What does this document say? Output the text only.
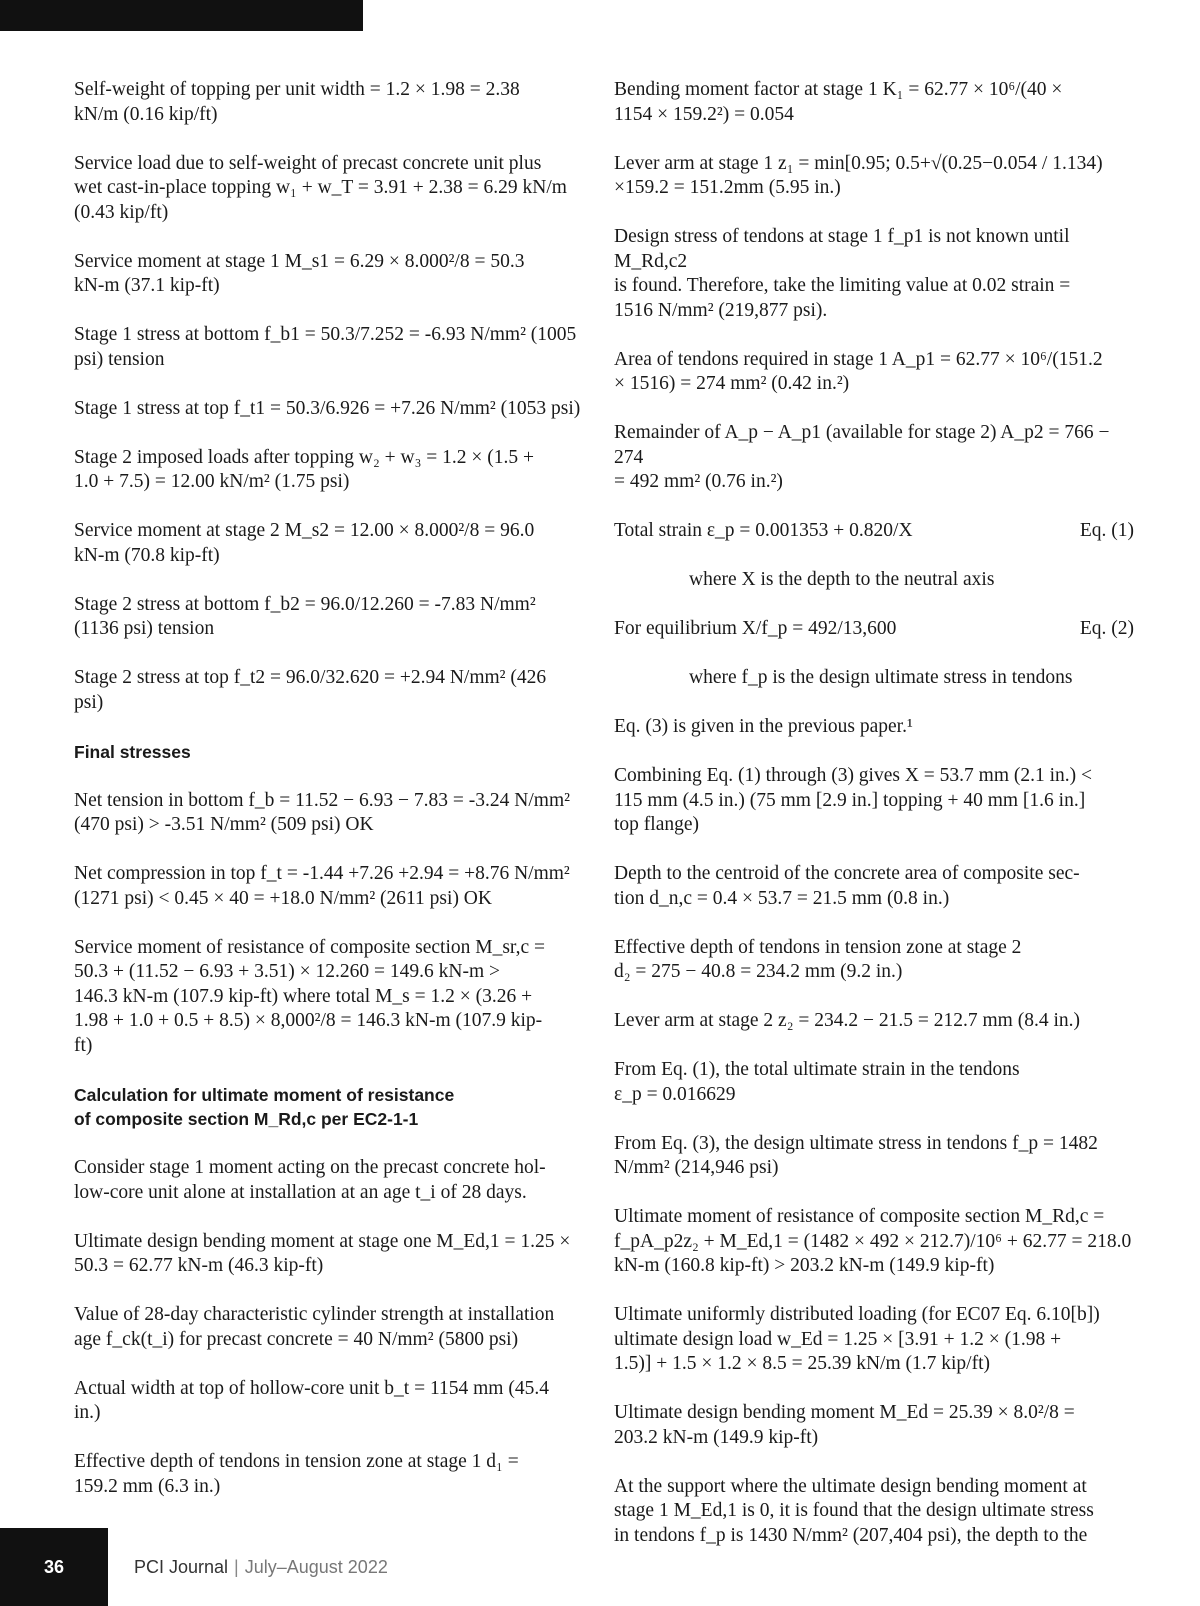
Self-weight of topping per unit width = 1.2 × 1.98 = 2.38
kN/m (0.16 kip/ft)

Service load due to self-weight of precast concrete unit plus
wet cast-in-place topping w₁ + w_T = 3.91 + 2.38 = 6.29 kN/m
(0.43 kip/ft)

Service moment at stage 1 M_s1 = 6.29 × 8.000²/8 = 50.3
kN-m (37.1 kip-ft)

Stage 1 stress at bottom f_b1 = 50.3/7.252 = -6.93 N/mm² (1005
psi) tension

Stage 1 stress at top f_t1 = 50.3/6.926 = +7.26 N/mm² (1053 psi)

Stage 2 imposed loads after topping w₂ + w₃ = 1.2 × (1.5 +
1.0 + 7.5) = 12.00 kN/m² (1.75 psi)

Service moment at stage 2 M_s2 = 12.00 × 8.000²/8 = 96.0
kN-m (70.8 kip-ft)

Stage 2 stress at bottom f_b2 = 96.0/12.260 = -7.83 N/mm²
(1136 psi) tension

Stage 2 stress at top f_t2 = 96.0/32.620 = +2.94 N/mm² (426
psi)

Final stresses

Net tension in bottom f_b = 11.52 − 6.93 − 7.83 = -3.24 N/mm²
(470 psi) > -3.51 N/mm² (509 psi) OK

Net compression in top f_t = -1.44 +7.26 +2.94 = +8.76 N/mm²
(1271 psi) < 0.45 × 40 = +18.0 N/mm² (2611 psi) OK

Service moment of resistance of composite section M_sr,c =
50.3 + (11.52 − 6.93 + 3.51) × 12.260 = 149.6 kN-m >
146.3 kN-m (107.9 kip-ft) where total M_s = 1.2 × (3.26 +
1.98 + 1.0 + 0.5 + 8.5) × 8,000²/8 = 146.3 kN-m (107.9 kip-
ft)

Calculation for ultimate moment of resistance
of composite section M_Rd,c per EC2-1-1

Consider stage 1 moment acting on the precast concrete hol-
low-core unit alone at installation at an age t_i of 28 days.

Ultimate design bending moment at stage one M_Ed,1 = 1.25 ×
50.3 = 62.77 kN-m (46.3 kip-ft)

Value of 28-day characteristic cylinder strength at installation
age f_ck(t_i) for precast concrete = 40 N/mm² (5800 psi)

Actual width at top of hollow-core unit b_t = 1154 mm (45.4
in.)

Effective depth of tendons in tension zone at stage 1 d₁ =
159.2 mm (6.3 in.)

Bending moment factor at stage 1 K₁ = 62.77 × 10⁶/(40 ×
1154 × 159.2²) = 0.054

Lever arm at stage 1 z₁ = min[0.95; 0.5+√(0.25−0.054 / 1.134)
×159.2 = 151.2mm (5.95 in.)

Design stress of tendons at stage 1 f_p1 is not known until M_Rd,c2
is found. Therefore, take the limiting value at 0.02 strain =
1516 N/mm² (219,877 psi).

Area of tendons required in stage 1 A_p1 = 62.77 × 10⁶/(151.2
× 1516) = 274 mm² (0.42 in.²)

Remainder of A_p − A_p1 (available for stage 2) A_p2 = 766 − 274
= 492 mm² (0.76 in.²)

Total strain ε_p = 0.001353 + 0.820/X	Eq. (1)

where X is the depth to the neutral axis

For equilibrium X/f_p = 492/13,600	Eq. (2)

where f_p is the design ultimate stress in tendons

Eq. (3) is given in the previous paper.¹

Combining Eq. (1) through (3) gives X = 53.7 mm (2.1 in.) <
115 mm (4.5 in.) (75 mm [2.9 in.] topping + 40 mm [1.6 in.]
top flange)

Depth to the centroid of the concrete area of composite sec-
tion d_n,c = 0.4 × 53.7 = 21.5 mm (0.8 in.)

Effective depth of tendons in tension zone at stage 2
d₂ = 275 − 40.8 = 234.2 mm (9.2 in.)

Lever arm at stage 2 z₂ = 234.2 − 21.5 = 212.7 mm (8.4 in.)

From Eq. (1), the total ultimate strain in the tendons
ε_p = 0.016629

From Eq. (3), the design ultimate stress in tendons f_p = 1482
N/mm² (214,946 psi)

Ultimate moment of resistance of composite section M_Rd,c =
f_pA_p2z₂ + M_Ed,1 = (1482 × 492 × 212.7)/10⁶ + 62.77 = 218.0
kN-m (160.8 kip-ft) > 203.2 kN-m (149.9 kip-ft)

Ultimate uniformly distributed loading (for EC07 Eq. 6.10[b])
ultimate design load w_Ed = 1.25 × [3.91 + 1.2 × (1.98 +
1.5)] + 1.5 × 1.2 × 8.5 = 25.39 kN/m (1.7 kip/ft)

Ultimate design bending moment M_Ed = 25.39 × 8.0²/8 =
203.2 kN-m (149.9 kip-ft)

At the support where the ultimate design bending moment at
stage 1 M_Ed,1 is 0, it is found that the design ultimate stress
in tendons f_p is 1430 N/mm² (207,404 psi), the depth to the

36	PCI Journal | July–August 2022
